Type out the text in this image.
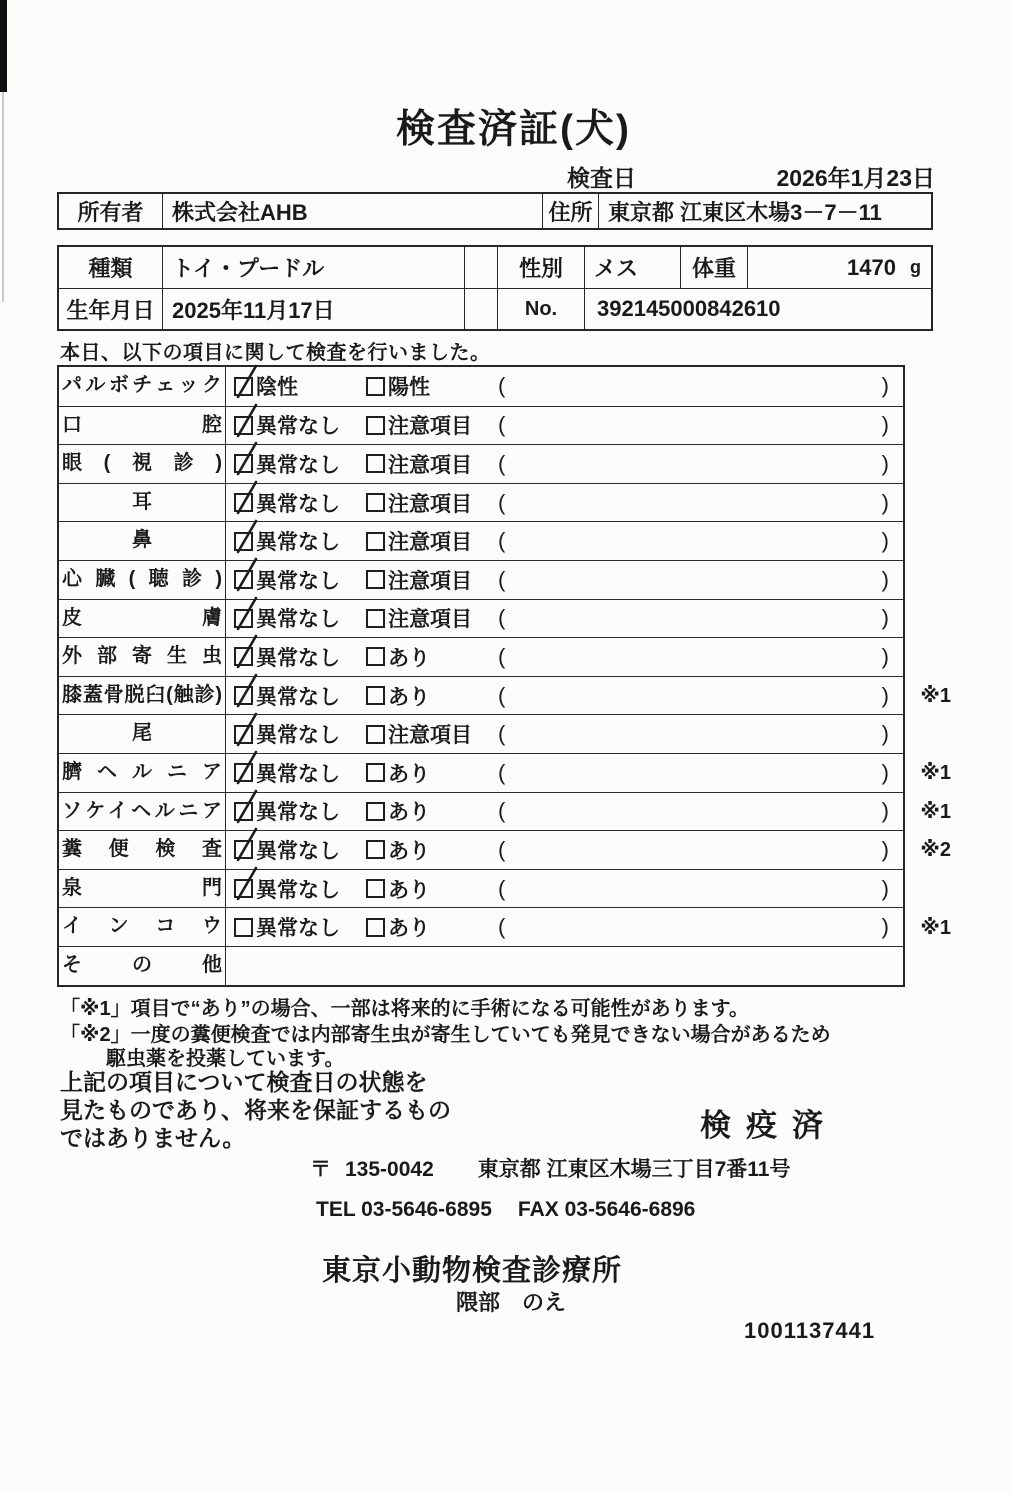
検査済証(犬)
検査日	2026年1月23日
所有者	株式会社AHB	住所 東京都 江東区木場3－7－11
種類	トイ・プードル	性別	メス	体重	1470 g
生年月日 2025年11月17日	No.	392145000842610
本日、以下の項目に関して検査を行いました。
パルボチェック 陰性	陽性	(	)
口腔 異常なし 注意項目 (	)
眼(視診) 異常なし 注意項目 (	)
耳	異常なし 注意項目 (	)
鼻	異常なし 注意項目 (	)
心臓(聴診) 異常なし 注意項目 (	)
皮膚 異常なし 注意項目 (	)
外部寄生虫 異常なし あり	(	)
膝蓋骨脱臼(触診) 異常なし あり	(	) ※1
尾	異常なし 注意項目 (	)
臍ヘルニア 異常なし あり	(	) ※1
ソケイヘルニア 異常なし あり	(	) ※1
糞便検査 異常なし あり	(	) ※2
泉門 異常なし あり	(	)
インコウ 異常なし あり	(	) ※1
その他
「※1」項目で“あり”の場合、一部は将来的に手術になる可能性があります。
「※2」一度の糞便検査では内部寄生虫が寄生していても発見できない場合があるため
駆虫薬を投薬しています。
上記の項目について検査日の状態を
見たものであり、将来を保証するもの
ではありません。	検疫済
〒 135-0042 東京都 江東区木場三丁目7番11号
TEL 03-5646-6895 FAX 03-5646-6896
東京小動物検査診療所
隈部　のえ
1001137441
